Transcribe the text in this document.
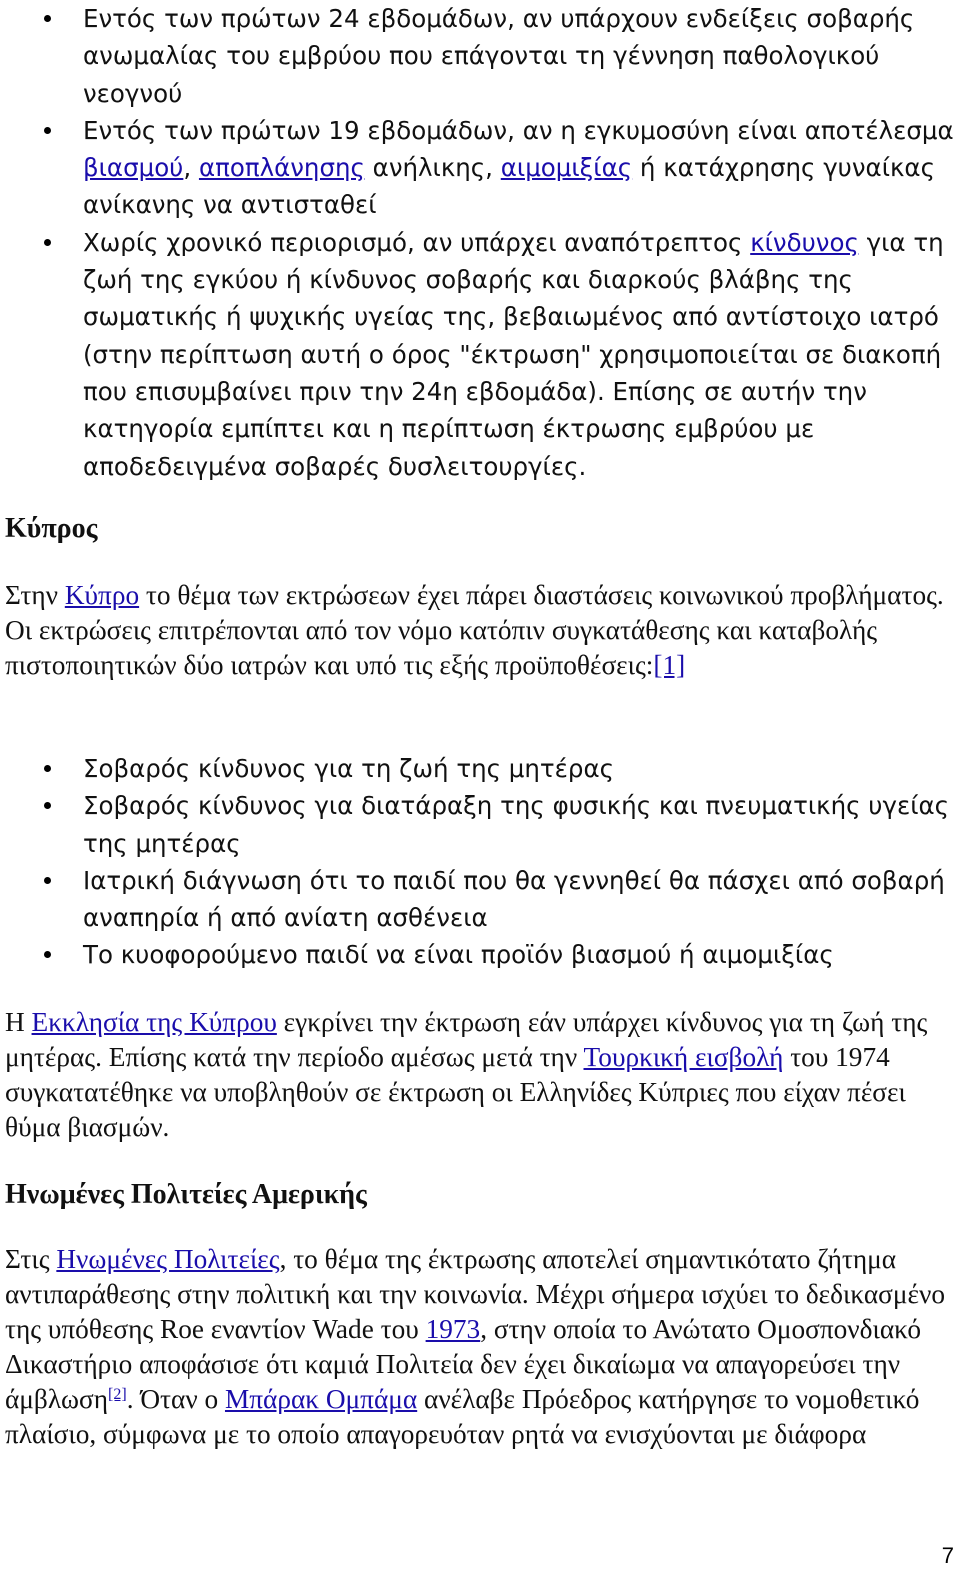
Εντός των πρώτων 24 εβδομάδων, αν υπάρχουν ενδείξεις σοβαρής ανωμαλίας του εμβρύου που επάγονται τη γέννηση παθολογικού νεογνού
Εντός των πρώτων 19 εβδομάδων, αν η εγκυμοσύνη είναι αποτέλεσμα βιασμού, αποπλάνησης ανήλικης, αιμομιξίας ή κατάχρησης γυναίκας ανίκανης να αντισταθεί
Χωρίς χρονικό περιορισμό, αν υπάρχει αναπότρεπτος κίνδυνος για τη ζωή της εγκύου ή κίνδυνος σοβαρής και διαρκούς βλάβης της σωματικής ή ψυχικής υγείας της, βεβαιωμένος από αντίστοιχο ιατρό (στην περίπτωση αυτή ο όρος "έκτρωση" χρησιμοποιείται σε διακοπή που επισυμβαίνει πριν την 24η εβδομάδα). Επίσης σε αυτήν την κατηγορία εμπίπτει και η περίπτωση έκτρωσης εμβρύου με αποδεδειγμένα σοβαρές δυσλειτουργίες.
Κύπρος

Στην Κύπρο το θέμα των εκτρώσεων έχει πάρει διαστάσεις κοινωνικού προβλήματος. Οι εκτρώσεις επιτρέπονται από τον νόμο κατόπιν συγκατάθεσης και καταβολής πιστοποιητικών δύο ιατρών και υπό τις εξής προϋποθέσεις:[1]

Σοβαρός κίνδυνος για τη ζωή της μητέρας
Σοβαρός κίνδυνος για διατάραξη της φυσικής και πνευματικής υγείας της μητέρας
Ιατρική διάγνωση ότι το παιδί που θα γεννηθεί θα πάσχει από σοβαρή αναπηρία ή από ανίατη ασθένεια
Το κυοφορούμενο παιδί να είναι προϊόν βιασμού ή αιμομιξίας

Η Εκκλησία της Κύπρου εγκρίνει την έκτρωση εάν υπάρχει κίνδυνος για τη ζωή της μητέρας. Επίσης κατά την περίοδο αμέσως μετά την Τουρκική εισβολή του 1974 συγκατατέθηκε να υποβληθούν σε έκτρωση οι Ελληνίδες Κύπριες που είχαν πέσει θύμα βιασμών.

Ηνωμένες Πολιτείες Αμερικής

Στις Ηνωμένες Πολιτείες, το θέμα της έκτρωσης αποτελεί σημαντικότατο ζήτημα αντιπαράθεσης στην πολιτική και την κοινωνία. Μέχρι σήμερα ισχύει το δεδικασμένο της υπόθεσης Roe εναντίον Wade του 1973, στην οποία το Ανώτατο Ομοσπονδιακό Δικαστήριο αποφάσισε ότι καμιά Πολιτεία δεν έχει δικαίωμα να απαγορεύσει την άμβλωση[2]. Όταν ο Μπάρακ Ομπάμα ανέλαβε Πρόεδρος κατήργησε το νομοθετικό πλαίσιο, σύμφωνα με το οποίο απαγορευόταν ρητά να ενισχύονται με διάφορα

7
